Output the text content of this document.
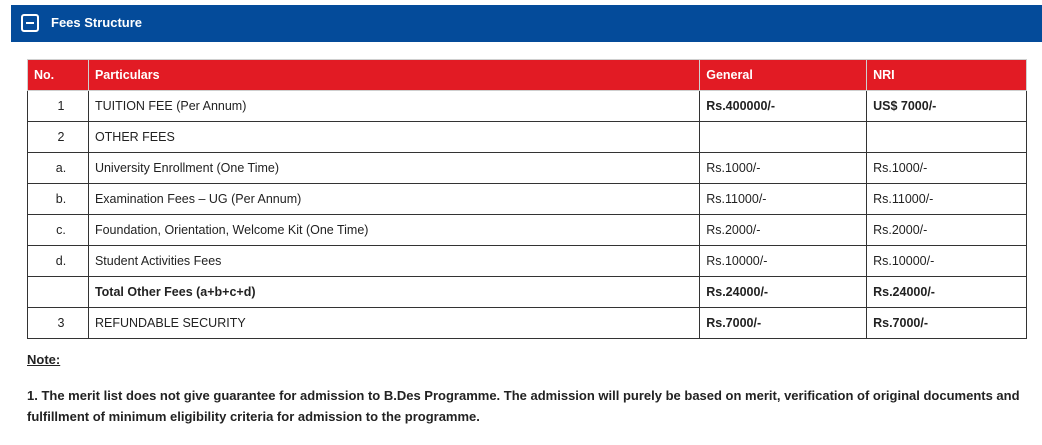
Fees Structure
No.	Particulars	General	NRI
1	TUITION FEE (Per Annum)	Rs.400000/-	US$ 7000/-
2	OTHER FEES		
a.	University Enrollment (One Time)	Rs.1000/-	Rs.1000/-
b.	Examination Fees – UG (Per Annum)	Rs.11000/-	Rs.11000/-
c.	Foundation, Orientation, Welcome Kit (One Time)	Rs.2000/-	Rs.2000/-
d.	Student Activities Fees	Rs.10000/-	Rs.10000/-
	Total Other Fees (a+b+c+d)	Rs.24000/-	Rs.24000/-
3	REFUNDABLE SECURITY	Rs.7000/-	Rs.7000/-
Note:
1. The merit list does not give guarantee for admission to B.Des Programme. The admission will purely be based on merit, verification of original documents and fulfillment of minimum eligibility criteria for admission to the programme.
